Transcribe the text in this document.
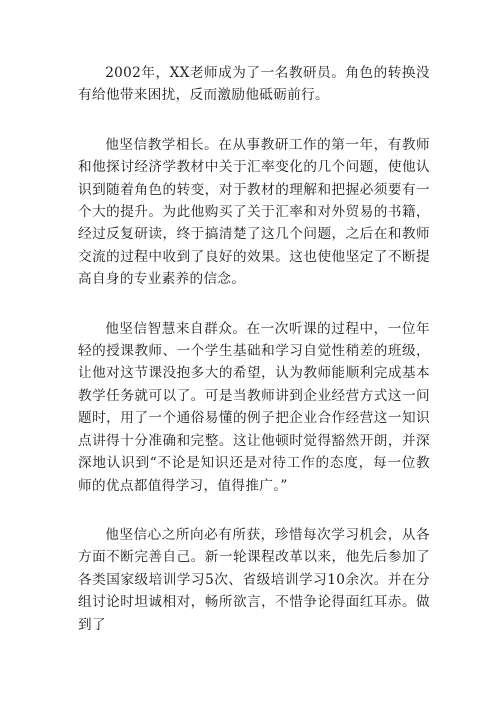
2002年，XX老师成为了一名教研员。角色的转换没有给他带来困扰，反而激励他砥砺前行。

他坚信教学相长。在从事教研工作的第一年，有教师和他探讨经济学教材中关于汇率变化的几个问题，使他认识到随着角色的转变，对于教材的理解和把握必须要有一个大的提升。为此他购买了关于汇率和对外贸易的书籍，经过反复研读，终于搞清楚了这几个问题，之后在和教师交流的过程中收到了良好的效果。这也使他坚定了不断提高自身的专业素养的信念。

他坚信智慧来自群众。在一次听课的过程中，一位年轻的授课教师、一个学生基础和学习自觉性稍差的班级，让他对这节课没抱多大的希望，认为教师能顺利完成基本教学任务就可以了。可是当教师讲到企业经营方式这一问题时，用了一个通俗易懂的例子把企业合作经营这一知识点讲得十分准确和完整。这让他顿时觉得豁然开朗，并深深地认识到“不论是知识还是对待工作的态度，每一位教师的优点都值得学习，值得推广。”

他坚信心之所向必有所获，珍惜每次学习机会，从各方面不断完善自己。新一轮课程改革以来，他先后参加了各类国家级培训学习5次、省级培训学习10余次。并在分组讨论时坦诚相对，畅所欲言，不惜争论得面红耳赤。做到了
